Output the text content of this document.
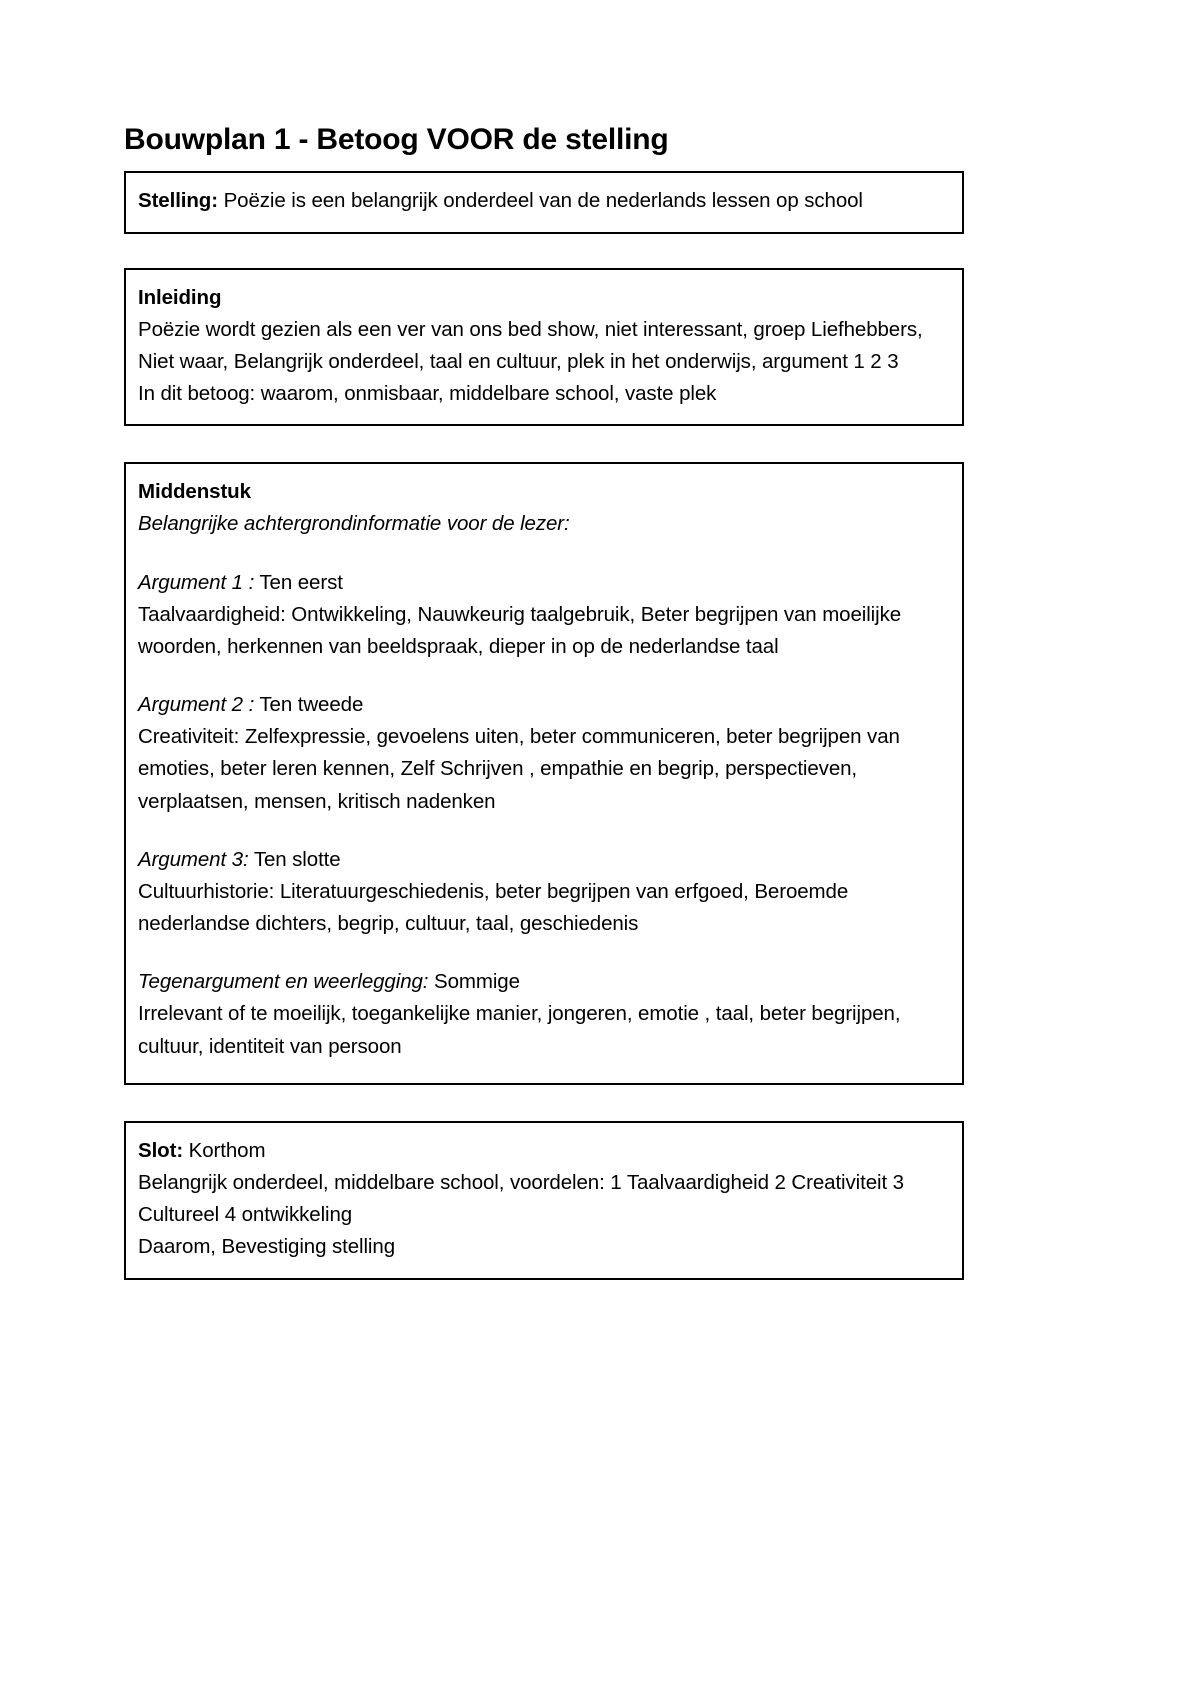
Bouwplan 1 - Betoog VOOR de stelling

Stelling: Poëzie is een belangrijk onderdeel van de nederlands lessen op school

Inleiding

Poëzie wordt gezien als een ver van ons bed show, niet interessant, groep Liefhebbers, Niet waar, Belangrijk onderdeel, taal en cultuur, plek in het onderwijs, argument 1 2 3

In dit betoog: waarom, onmisbaar, middelbare school, vaste plek

Middenstuk

Belangrijke achtergrondinformatie voor de lezer:

Argument 1 : Ten eerst

Taalvaardigheid: Ontwikkeling, Nauwkeurig taalgebruik, Beter begrijpen van moeilijke woorden, herkennen van beeldspraak, dieper in op de nederlandse taal

Argument 2 : Ten tweede

Creativiteit: Zelfexpressie, gevoelens uiten, beter communiceren, beter begrijpen van emoties, beter leren kennen, Zelf Schrijven , empathie en begrip, perspectieven, verplaatsen, mensen, kritisch nadenken

Argument 3: Ten slotte

Cultuurhistorie: Literatuurgeschiedenis, beter begrijpen van erfgoed, Beroemde nederlandse dichters, begrip, cultuur, taal, geschiedenis

Tegenargument en weerlegging: Sommige

Irrelevant of te moeilijk, toegankelijke manier, jongeren, emotie , taal, beter begrijpen, cultuur, identiteit van persoon

Slot: Korthom

Belangrijk onderdeel, middelbare school, voordelen: 1 Taalvaardigheid 2 Creativiteit 3 Cultureel 4 ontwikkeling

Daarom, Bevestiging stelling
